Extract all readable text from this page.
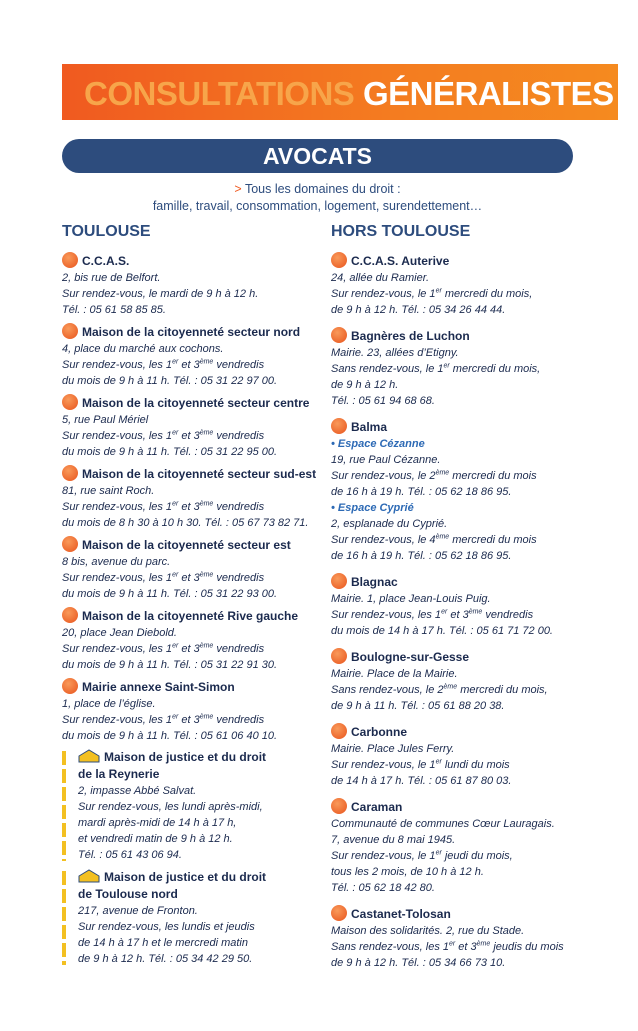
CONSULTATIONS GÉNÉRALISTES
AVOCATS
> Tous les domaines du droit :
famille, travail, consommation, logement, surendettement…
TOULOUSE
C.C.A.S.
2, bis rue de Belfort.
Sur rendez-vous, le mardi de 9 h à 12 h.
Tél. : 05 61 58 85 85.
Maison de la citoyenneté secteur nord
4, place du marché aux cochons.
Sur rendez-vous, les 1er et 3ème vendredis
du mois de 9 h à 11 h. Tél. : 05 31 22 97 00.
Maison de la citoyenneté secteur centre
5, rue Paul Mériel
Sur rendez-vous, les 1er et 3ème vendredis
du mois de 9 h à 11 h. Tél. : 05 31 22 95 00.
Maison de la citoyenneté secteur sud-est
81, rue saint Roch.
Sur rendez-vous, les 1er et 3ème vendredis
du mois de 8 h 30 à 10 h 30. Tél. : 05 67 73 82 71.
Maison de la citoyenneté secteur est
8 bis, avenue du parc.
Sur rendez-vous, les 1er et 3ème vendredis
du mois de 9 h à 11 h. Tél. : 05 31 22 93 00.
Maison de la citoyenneté Rive gauche
20, place Jean Diebold.
Sur rendez-vous, les 1er et 3ème vendredis
du mois de 9 h à 11 h. Tél. : 05 31 22 91 30.
Mairie annexe Saint-Simon
1, place de l’église.
Sur rendez-vous, les 1er et 3ème vendredis
du mois de 9 h à 11 h. Tél. : 05 61 06 40 10.
Maison de justice et du droit
de la Reynerie
2, impasse Abbé Salvat.
Sur rendez-vous, les lundi après-midi,
mardi après-midi de 14 h à 17 h,
et vendredi matin de 9 h à 12 h.
Tél. : 05 61 43 06 94.
Maison de justice et du droit
de Toulouse nord
217, avenue de Fronton.
Sur rendez-vous, les lundis et jeudis
de 14 h à 17 h et le mercredi matin
de 9 h à 12 h. Tél. : 05 34 42 29 50.
HORS TOULOUSE
C.C.A.S. Auterive
24, allée du Ramier.
Sur rendez-vous, le 1er mercredi du mois,
de 9 h à 12 h. Tél. : 05 34 26 44 44.
Bagnères de Luchon
Mairie. 23, allées d’Etigny.
Sans rendez-vous, le 1er mercredi du mois,
de 9 h à 12 h.
Tél. : 05 61 94 68 68.
Balma
• Espace Cézanne
19, rue Paul Cézanne.
Sur rendez-vous, le 2ème mercredi du mois
de 16 h à 19 h. Tél. : 05 62 18 86 95.
• Espace Cyprié
2, esplanade du Cyprié.
Sur rendez-vous, le 4ème mercredi du mois
de 16 h à 19 h. Tél. : 05 62 18 86 95.
Blagnac
Mairie. 1, place Jean-Louis Puig.
Sur rendez-vous, les 1er et 3ème vendredis
du mois de 14 h à 17 h. Tél. : 05 61 71 72 00.
Boulogne-sur-Gesse
Mairie. Place de la Mairie.
Sans rendez-vous, le 2ème mercredi du mois,
de 9 h à 11 h. Tél. : 05 61 88 20 38.
Carbonne
Mairie. Place Jules Ferry.
Sur rendez-vous, le 1er lundi du mois
de 14 h à 17 h. Tél. : 05 61 87 80 03.
Caraman
Communauté de communes Cœur Lauragais.
7, avenue du 8 mai 1945.
Sur rendez-vous, le 1er jeudi du mois,
tous les 2 mois, de 10 h à 12 h.
Tél. : 05 62 18 42 80.
Castanet-Tolosan
Maison des solidarités. 2, rue du Stade.
Sans rendez-vous, les 1er et 3ème jeudis du mois
de 9 h à 12 h. Tél. : 05 34 66 73 10.
